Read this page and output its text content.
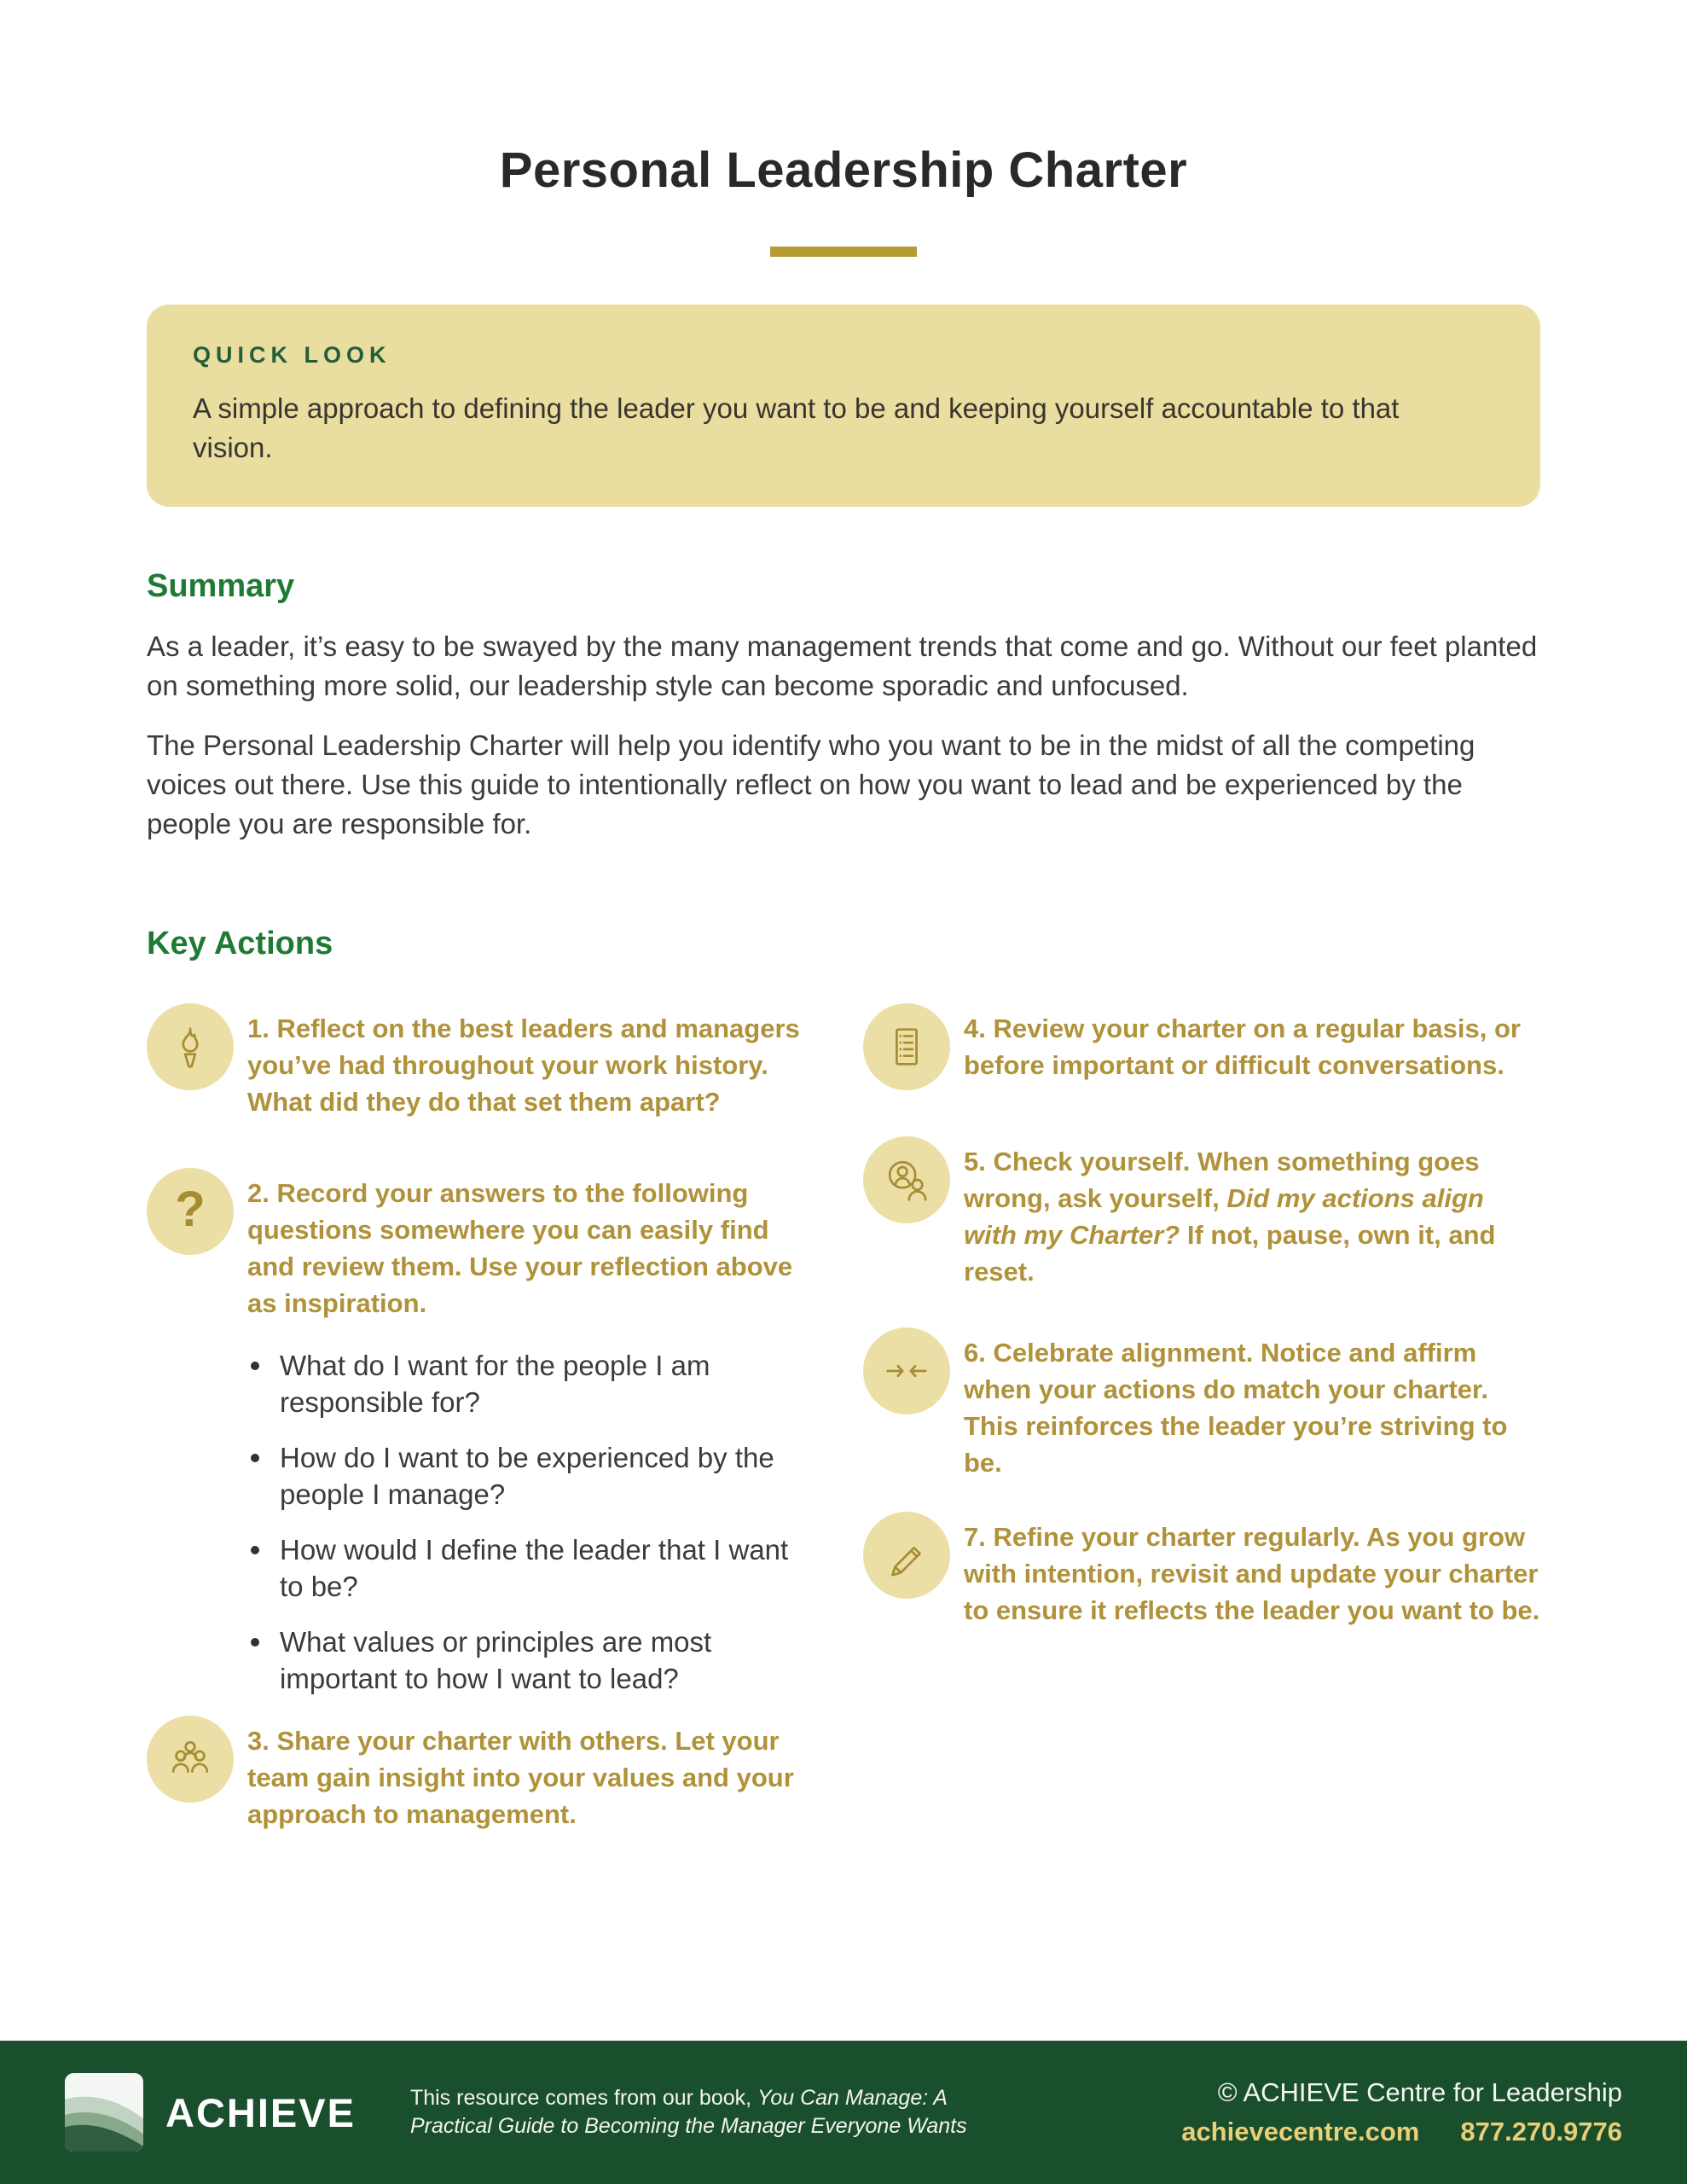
Personal Leadership Charter
QUICK LOOK
A simple approach to defining the leader you want to be and keeping yourself accountable to that vision.
Summary

As a leader, it’s easy to be swayed by the many management trends that come and go. Without our feet planted on something more solid, our leadership style can become sporadic and unfocused.

The Personal Leadership Charter will help you identify who you want to be in the midst of all the competing voices out there. Use this guide to intentionally reflect on how you want to lead and be experienced by the people you are responsible for.

Key Actions
1. Reflect on the best leaders and managers you’ve had throughout your work history. What did they do that set them apart?
? 2. Record your answers to the following questions somewhere you can easily find and review them. Use your reflection above as inspiration.
What do I want for the people I am responsible for?
How do I want to be experienced by the people I manage?
How would I define the leader that I want to be?
What values or principles are most important to how I want to lead?
3. Share your charter with others. Let your team gain insight into your values and your approach to management.
4. Review your charter on a regular basis, or before important or difficult conversations.
5. Check yourself. When something goes wrong, ask yourself, Did my actions align with my Charter? If not, pause, own it, and reset.
6. Celebrate alignment. Notice and affirm when your actions do match your charter. This reinforces the leader you’re striving to be.
7. Refine your charter regularly. As you grow with intention, revisit and update your charter to ensure it reflects the leader you want to be.
ACHIEVE	This resource comes from our book, You Can Manage: A Practical Guide to Becoming the Manager Everyone Wants
© ACHIEVE Centre for Leadership
achievecentre.com 877.270.9776
